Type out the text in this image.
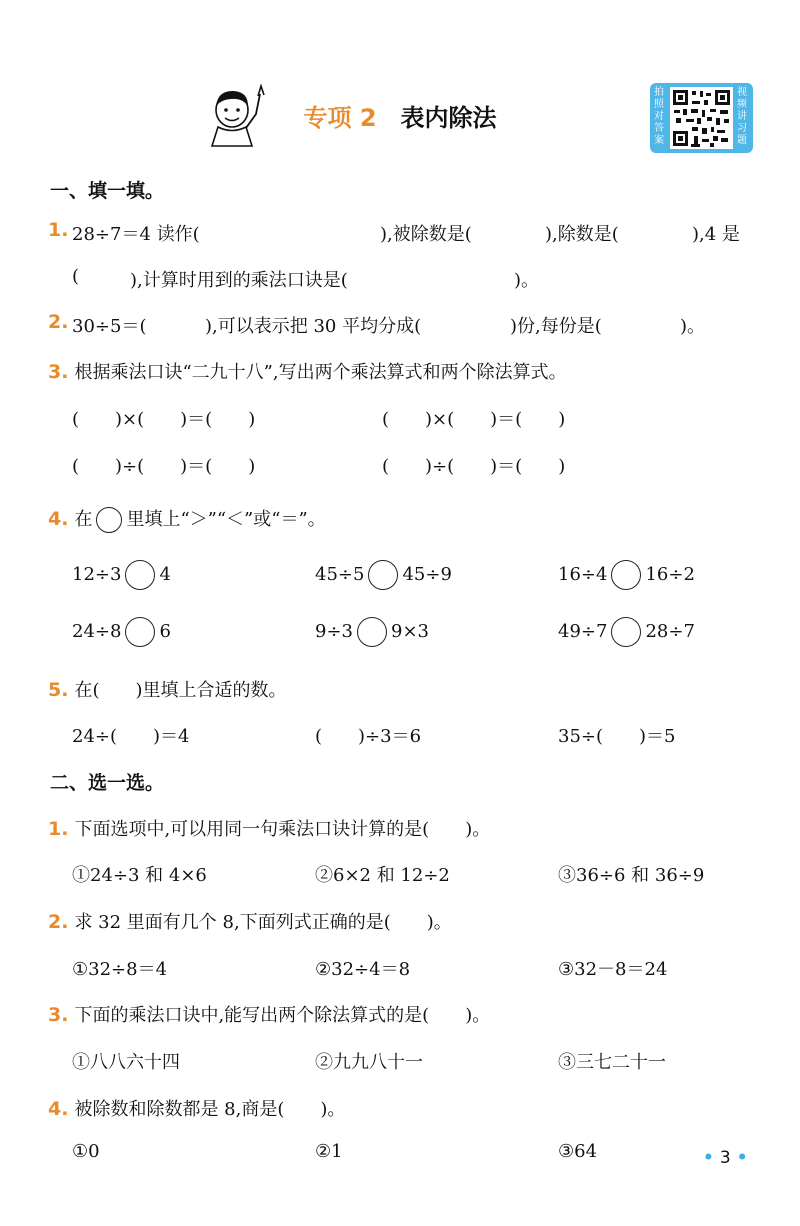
专项 2 表内除法
拍照对答案
视频讲习题
一、填一填。
1. 28÷7＝4 读作(	),被除数是(	),除数是(	),4 是
(	),计算时用到的乘法口诀是(	)。
2. 30÷5＝(	),可以表示把 30 平均分成(	)份,每份是(	)。
3. 根据乘法口诀“二九十八”,写出两个乘法算式和两个除法算式。
(　　)×(　　)＝(　　)	(　　)×(　　)＝(　　)
(　　)÷(　　)＝(　　)	(　　)÷(　　)＝(　　)
4. 在 里填上“＞”“＜”或“＝”。
12÷3 4	45÷5 45÷9	16÷4 16÷2
24÷8 6	9÷3 9×3	49÷7 28÷7
5. 在(　　)里填上合适的数。
24÷(　　)＝4	(　　)÷3＝6	35÷(　　)＝5
二、选一选。
1. 下面选项中,可以用同一句乘法口诀计算的是(　　)。
①24÷3 和 4×6	②6×2 和 12÷2	③36÷6 和 36÷9
2. 求 32 里面有几个 8,下面列式正确的是(　　)。
①32÷8＝4	②32÷4＝8	③32－8＝24
3. 下面的乘法口诀中,能写出两个除法算式的是(　　)。
①八八六十四	②九九八十一	③三七二十一
4. 被除数和除数都是 8,商是(　　)。
①0	②1	③64	• 3 •
